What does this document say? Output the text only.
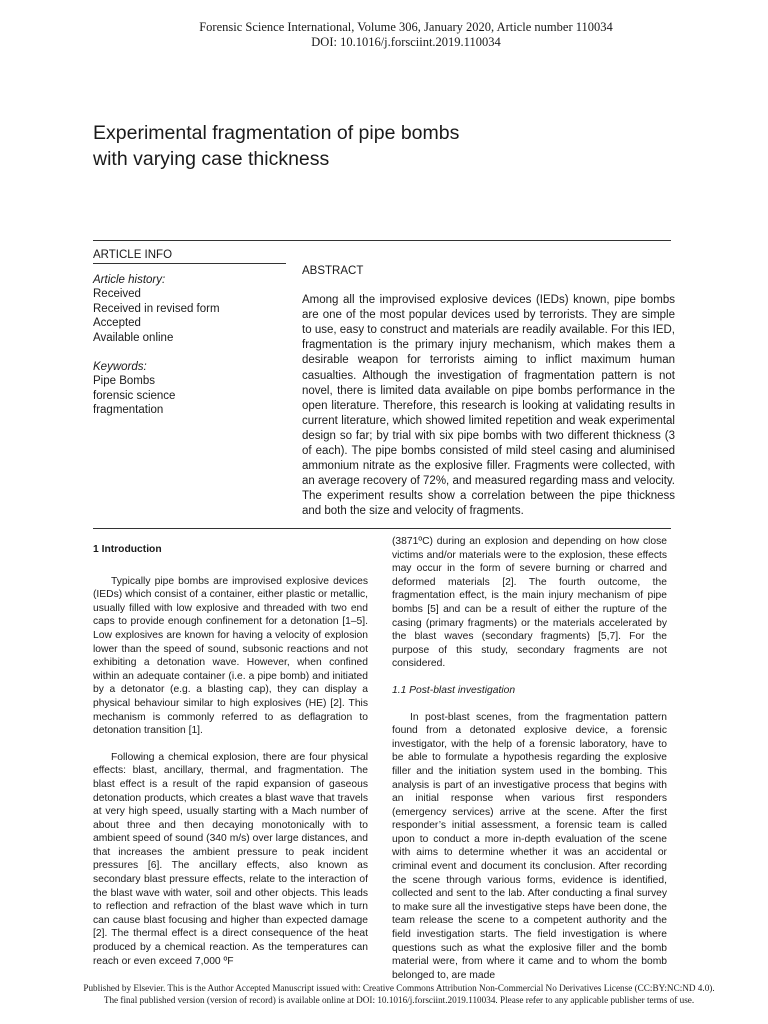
Forensic Science International, Volume 306, January 2020, Article number 110034
DOI: 10.1016/j.forsciint.2019.110034
Experimental fragmentation of pipe bombs
with varying case thickness
ARTICLE INFO
Article history:
Received
Received in revised form
Accepted
Available online
Keywords:
Pipe Bombs
forensic science
fragmentation
ABSTRACT

Among all the improvised explosive devices (IEDs) known, pipe bombs are one of the most popular devices used by terrorists. They are simple to use, easy to construct and materials are readily available. For this IED, fragmentation is the primary injury mechanism, which makes them a desirable weapon for terrorists aiming to inflict maximum human casualties. Although the investigation of fragmentation pattern is not novel, there is limited data available on pipe bombs performance in the open literature. Therefore, this research is looking at validating results in current literature, which showed limited repetition and weak experimental design so far; by trial with six pipe bombs with two different thickness (3 of each). The pipe bombs consisted of mild steel casing and aluminised ammonium nitrate as the explosive filler. Fragments were collected, with an average recovery of 72%, and measured regarding mass and velocity. The experiment results show a correlation between the pipe thickness and both the size and velocity of fragments.

1 Introduction

Typically pipe bombs are improvised explosive devices (IEDs) which consist of a container, either plastic or metallic, usually filled with low explosive and threaded with two end caps to provide enough confinement for a detonation [1–5]. Low explosives are known for having a velocity of explosion lower than the speed of sound, subsonic reactions and not exhibiting a detonation wave. However, when confined within an adequate container (i.e. a pipe bomb) and initiated by a detonator (e.g. a blasting cap), they can display a physical behaviour similar to high explosives (HE) [2]. This mechanism is commonly referred to as deflagration to detonation transition [1].

Following a chemical explosion, there are four physical effects: blast, ancillary, thermal, and fragmentation. The blast effect is a result of the rapid expansion of gaseous detonation products, which creates a blast wave that travels at very high speed, usually starting with a Mach number of about three and then decaying monotonically with to ambient speed of sound (340 m/s) over large distances, and that increases the ambient pressure to peak incident pressures [6]. The ancillary effects, also known as secondary blast pressure effects, relate to the interaction of the blast wave with water, soil and other objects. This leads to reflection and refraction of the blast wave which in turn can cause blast focusing and higher than expected damage [2]. The thermal effect is a direct consequence of the heat produced by a chemical reaction. As the temperatures can reach or even exceed 7,000 ºF

(3871ºC) during an explosion and depending on how close victims and/or materials were to the explosion, these effects may occur in the form of severe burning or charred and deformed materials [2]. The fourth outcome, the fragmentation effect, is the main injury mechanism of pipe bombs [5] and can be a result of either the rupture of the casing (primary fragments) or the materials accelerated by the blast waves (secondary fragments) [5,7]. For the purpose of this study, secondary fragments are not considered.

1.1 Post-blast investigation

In post-blast scenes, from the fragmentation pattern found from a detonated explosive device, a forensic investigator, with the help of a forensic laboratory, have to be able to formulate a hypothesis regarding the explosive filler and the initiation system used in the bombing. This analysis is part of an investigative process that begins with an initial response when various first responders (emergency services) arrive at the scene. After the first responder’s initial assessment, a forensic team is called upon to conduct a more in-depth evaluation of the scene with aims to determine whether it was an accidental or criminal event and document its conclusion. After recording the scene through various forms, evidence is identified, collected and sent to the lab. After conducting a final survey to make sure all the investigative steps have been done, the team release the scene to a competent authority and the field investigation starts. The field investigation is where questions such as what the explosive filler and the bomb material were, from where it came and to whom the bomb belonged to, are made

Published by Elsevier. This is the Author Accepted Manuscript issued with: Creative Commons Attribution Non-Commercial No Derivatives License (CC:BY:NC:ND 4.0).
The final published version (version of record) is available online at DOI: 10.1016/j.forsciint.2019.110034. Please refer to any applicable publisher terms of use.
